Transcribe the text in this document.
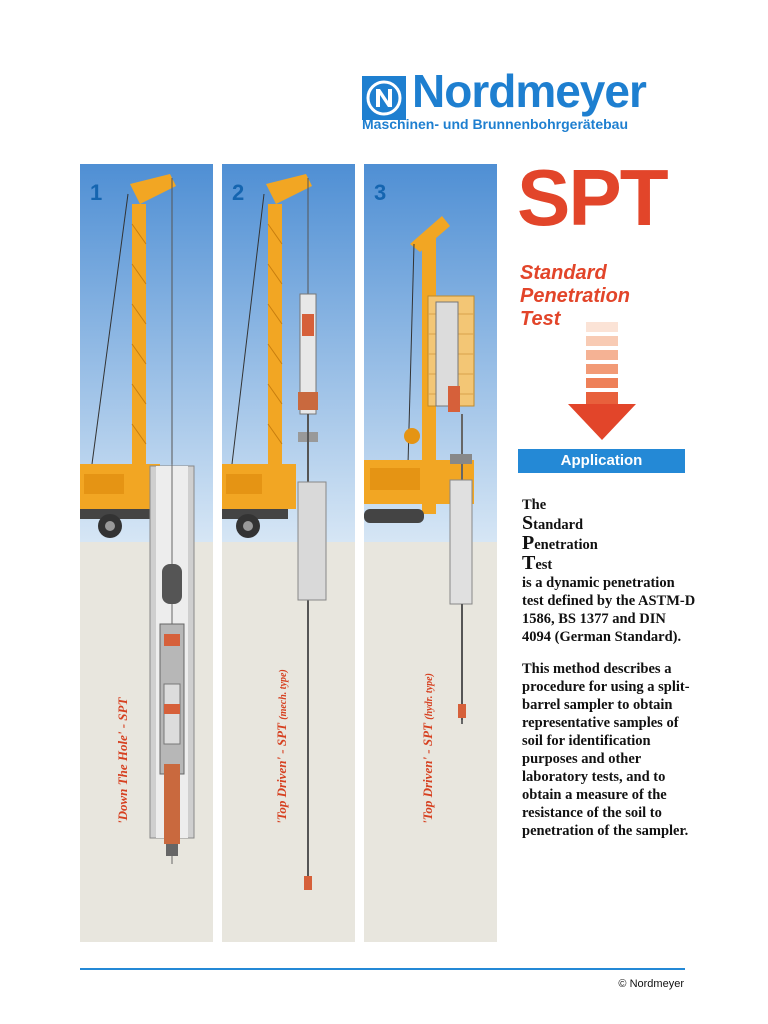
Nordmeyer
Maschinen- und Brunnenbohrgerätebau
1
'Down The Hole' - SPT
2
'Top Driven' - SPT (mech. type)
3
'Top Driven' - SPT (hydr. type)
SPT
Standard
Penetration
Test
Application
The
Standard
Penetration
Test
is a dynamic penetration test defined by the ASTM-D 1586, BS 1377 and DIN 4094 (German Standard).
This method describes a procedure for using a split-barrel sampler to obtain representative samples of soil for identification purposes and other laboratory tests, and to obtain a measure of the resistance of the soil to penetration of the sampler.
© Nordmeyer
